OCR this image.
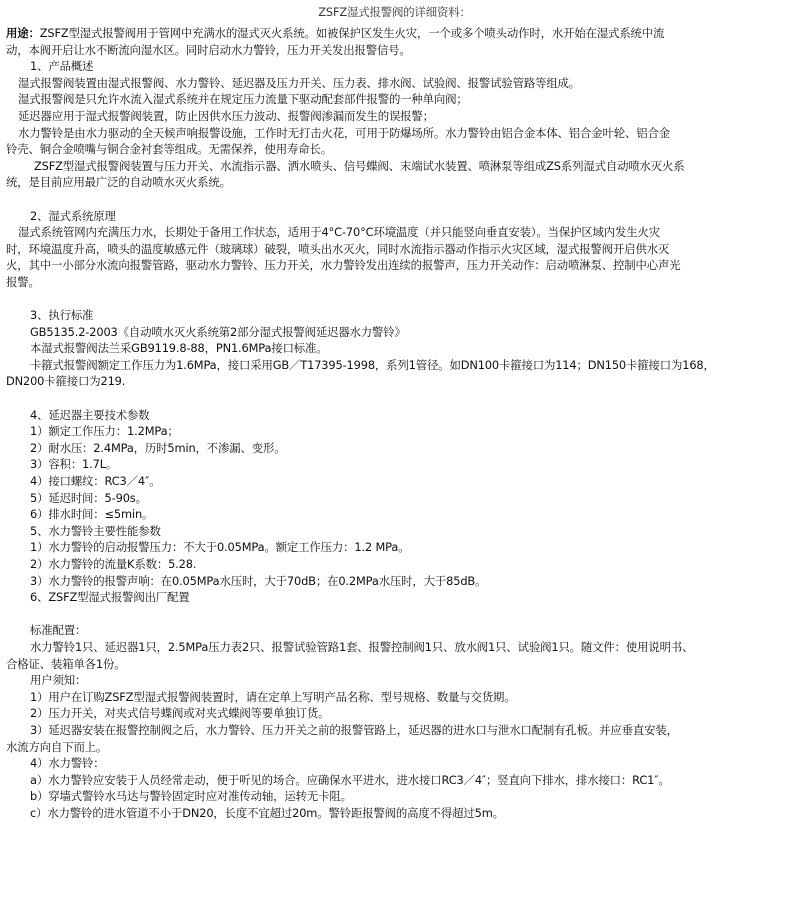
ZSFZ湿式报警阀的详细资料：
用途：ZSFZ型湿式报警阀用于管网中充满水的湿式灭火系统。如被保护区发生火灾，一个或多个喷头动作时，水开始在湿式系统中流
动，本阀开启让水不断流向湿水区。同时启动水力警铃，压力开关发出报警信号。
1、产品概述
湿式报警阀装置由湿式报警阀、水力警铃、延迟器及压力开关、压力表、排水阀、试验阀、报警试验管路等组成。
湿式报警阀是只允许水流入湿式系统并在规定压力流量下驱动配套部件报警的一种单向阀；
延迟器应用于湿式报警阀装置，防止因供水压力波动、报警阀渗漏而发生的误报警；
水力警铃是由水力驱动的全天候声响报警设施，工作时无打击火花，可用于防爆场所。水力警铃由铝合金本体、铝合金叶轮、铝合金
铃壳、铜合金喷嘴与铜合金衬套等组成。无需保养，使用寿命长。
ZSFZ型湿式报警阀装置与压力开关、水流指示器、洒水喷头、信号蝶阀、末端试水装置、喷淋泵等组成ZS系列湿式自动喷水灭火系
统，是目前应用最广泛的自动喷水灭火系统。
2、湿式系统原理
湿式系统管网内充满压力水，长期处于备用工作状态，适用于4°C-70°C环境温度（并只能竖向垂直安装）。当保护区域内发生火灾
时，环境温度升高，喷头的温度敏感元件（玻璃球）破裂，喷头出水灭火，同时水流指示器动作指示火灾区域，湿式报警阀开启供水灭
火，其中一小部分水流向报警管路，驱动水力警铃、压力开关，水力警铃发出连续的报警声，压力开关动作：启动喷淋泵、控制中心声光
报警。
3、执行标准
GB5135.2-2003《自动喷水灭火系统第2部分湿式报警阀延迟器水力警铃》
本湿式报警阀法兰采GB9119.8-88，PN1.6MPa接口标准。
卡箍式报警阀额定工作压力为1.6MPa，接口采用GB／T17395-1998，系列1管径。如DN100卡箍接口为114；DN150卡箍接口为168，
DN200卡箍接口为219.
4、延迟器主要技术参数
1）额定工作压力：1.2MPa；
2）耐水压：2.4MPa，历时5min，不渗漏、变形。
3）容积：1.7L。
4）接口螺纹：RC3／4″。
5）延迟时间：5-90s。
6）排水时间：≤5min。
5、水力警铃主要性能参数
1）水力警铃的启动报警压力：不大于0.05MPa。额定工作压力：1.2 MPa。
2）水力警铃的流量K系数：5.28.
3）水力警铃的报警声响：在0.05MPa水压时，大于70dB；在0.2MPa水压时，大于85dB。
6、ZSFZ型湿式报警阀出厂配置
标准配置：
水力警铃1只、延迟器1只，2.5MPa压力表2只、报警试验管路1套、报警控制阀1只、放水阀1只、试验阀1只。随文件：使用说明书、
合格证、装箱单各1份。
用户须知：
1）用户在订购ZSFZ型湿式报警阀装置时，请在定单上写明产品名称、型号规格、数量与交货期。
2）压力开关，对夹式信号蝶阀或对夹式蝶阀等要单独订货。
3）延迟器安装在报警控制阀之后，水力警铃、压力开关之前的报警管路上，延迟器的进水口与泄水口配制有孔板。并应垂直安装，
水流方向自下而上。
4）水力警铃：
a）水力警铃应安装于人员经常走动，便于听见的场合。应确保水平进水，进水接口RC3／4″；竖直向下排水，排水接口：RC1″。
b）穿墙式警铃水马达与警铃固定时应对准传动轴，运转无卡阻。
c）水力警铃的进水管道不小于DN20，长度不宜超过20m。警铃距报警阀的高度不得超过5m。
